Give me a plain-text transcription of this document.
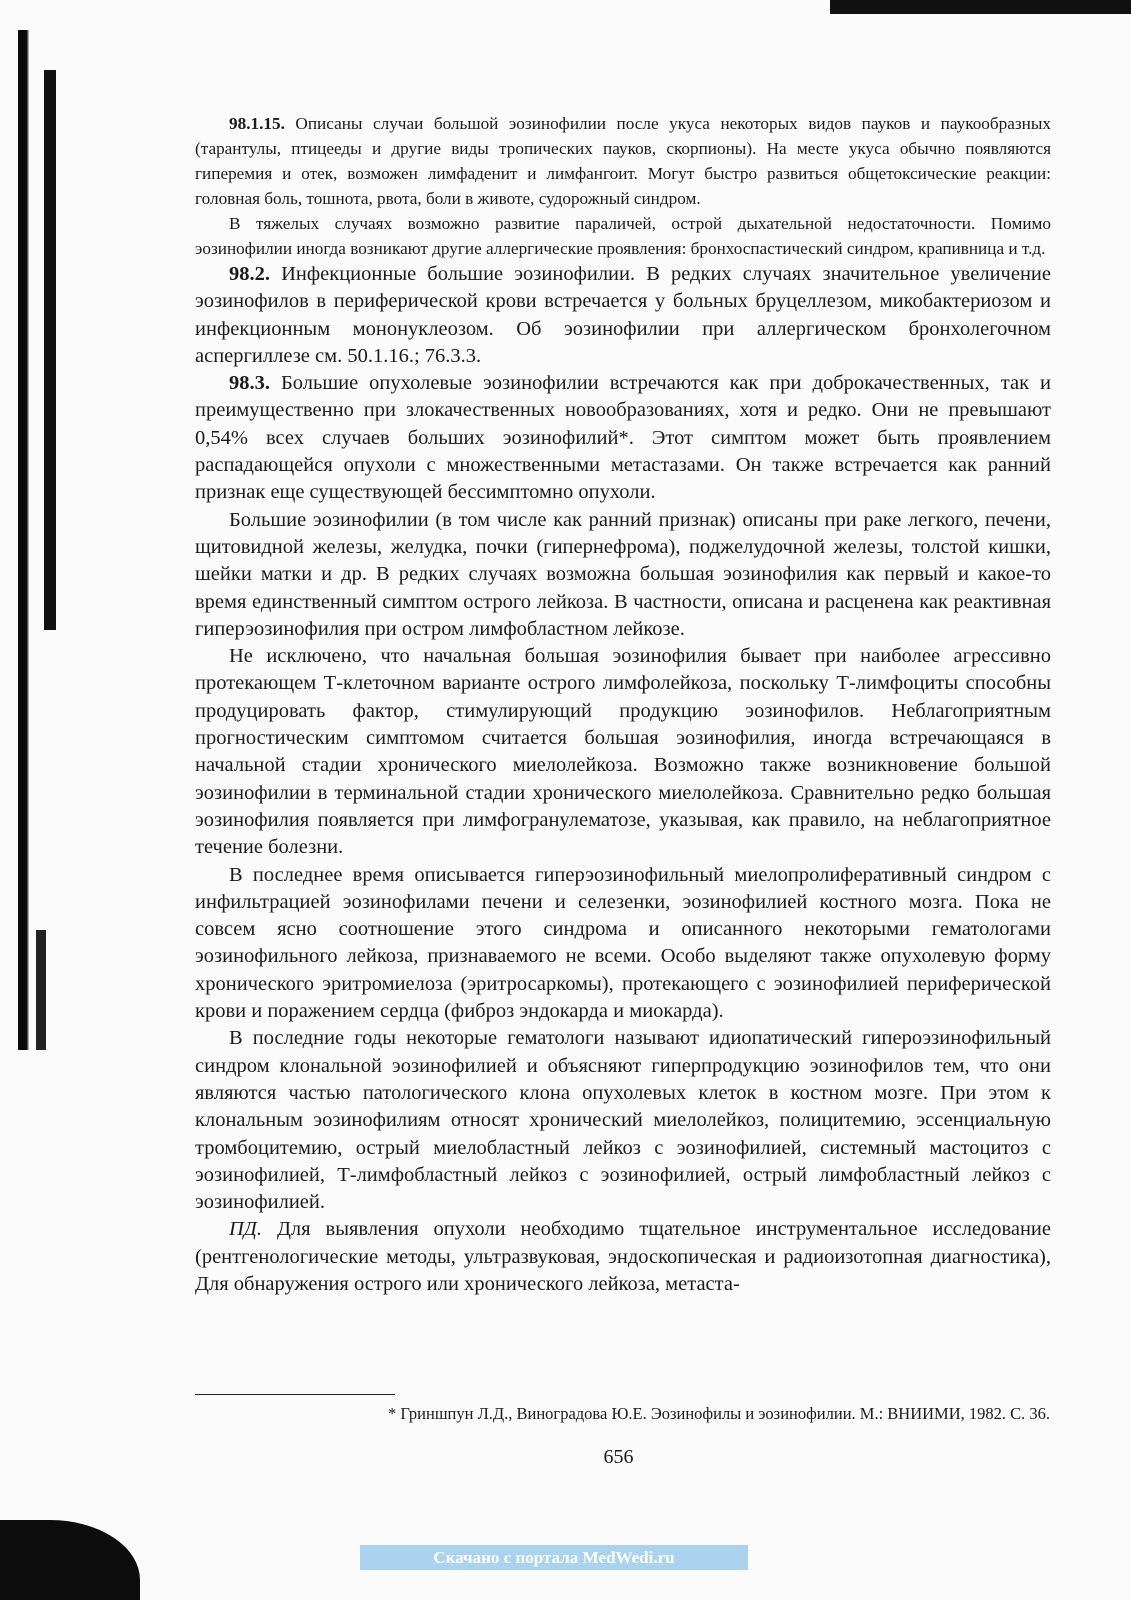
98.1.15. Описаны случаи большой эозинофилии после укуса некоторых видов пауков и паукообразных (тарантулы, птицееды и другие виды тропических пауков, скорпионы). На месте укуса обычно появляются гиперемия и отек, возможен лимфаденит и лимфангоит. Могут быстро развиться общетоксические реакции: головная боль, тошнота, рвота, боли в животе, судорожный синдром.

В тяжелых случаях возможно развитие параличей, острой дыхательной недостаточности. Помимо эозинофилии иногда возникают другие аллергические проявления: бронхоспастический синдром, крапивница и т.д.

98.2. Инфекционные большие эозинофилии. В редких случаях значительное увеличение эозинофилов в периферической крови встречается у больных бруцеллезом, микобактериозом и инфекционным мононуклеозом. Об эозинофилии при аллергическом бронхолегочном аспергиллезе см. 50.1.16.; 76.3.3.

98.3. Большие опухолевые эозинофилии встречаются как при доброкачественных, так и преимущественно при злокачественных новообразованиях, хотя и редко. Они не превышают 0,54% всех случаев больших эозинофилий*. Этот симптом может быть проявлением распадающейся опухоли с множественными метастазами. Он также встречается как ранний признак еще существующей бессимптомно опухоли.

Большие эозинофилии (в том числе как ранний признак) описаны при раке легкого, печени, щитовидной железы, желудка, почки (гипернефрома), поджелудочной железы, толстой кишки, шейки матки и др. В редких случаях возможна большая эозинофилия как первый и какое-то время единственный симптом острого лейкоза. В частности, описана и расценена как реактивная гиперэозинофилия при остром лимфобластном лейкозе.

Не исключено, что начальная большая эозинофилия бывает при наиболее агрессивно протекающем Т-клеточном варианте острого лимфолейкоза, поскольку Т-лимфоциты способны продуцировать фактор, стимулирующий продукцию эозинофилов. Неблагоприятным прогностическим симптомом считается большая эозинофилия, иногда встречающаяся в начальной стадии хронического миелолейкоза. Возможно также возникновение большой эозинофилии в терминальной стадии хронического миелолейкоза. Сравнительно редко большая эозинофилия появляется при лимфогранулематозе, указывая, как правило, на неблагоприятное течение болезни.

В последнее время описывается гиперэозинофильный миелопролиферативный синдром с инфильтрацией эозинофилами печени и селезенки, эозинофилией костного мозга. Пока не совсем ясно соотношение этого синдрома и описанного некоторыми гематологами эозинофильного лейкоза, признаваемого не всеми. Особо выделяют также опухолевую форму хронического эритромиелоза (эритросаркомы), протекающего с эозинофилией периферической крови и поражением сердца (фиброз эндокарда и миокарда).

В последние годы некоторые гематологи называют идиопатический гипероэзинофильный синдром клональной эозинофилией и объясняют гиперпродукцию эозинофилов тем, что они являются частью патологического клона опухолевых клеток в костном мозге. При этом к клональным эозинофилиям относят хронический миелолейкоз, полицитемию, эссенциальную тромбоцитемию, острый миелобластный лейкоз с эозинофилией, системный мастоцитоз с эозинофилией, Т-лимфобластный лейкоз с эозинофилией, острый лимфобластный лейкоз с эозинофилией.

ПД. Для выявления опухоли необходимо тщательное инструментальное исследование (рентгенологические методы, ультразвуковая, эндоскопическая и радиоизотопная диагностика), Для обнаружения острого или хронического лейкоза, метаста-

* Гриншпун Л.Д., Виноградова Ю.Е. Эозинофилы и эозинофилии. М.: ВНИИМИ, 1982. С. 36.
656
Скачано с портала MedWedi.ru
